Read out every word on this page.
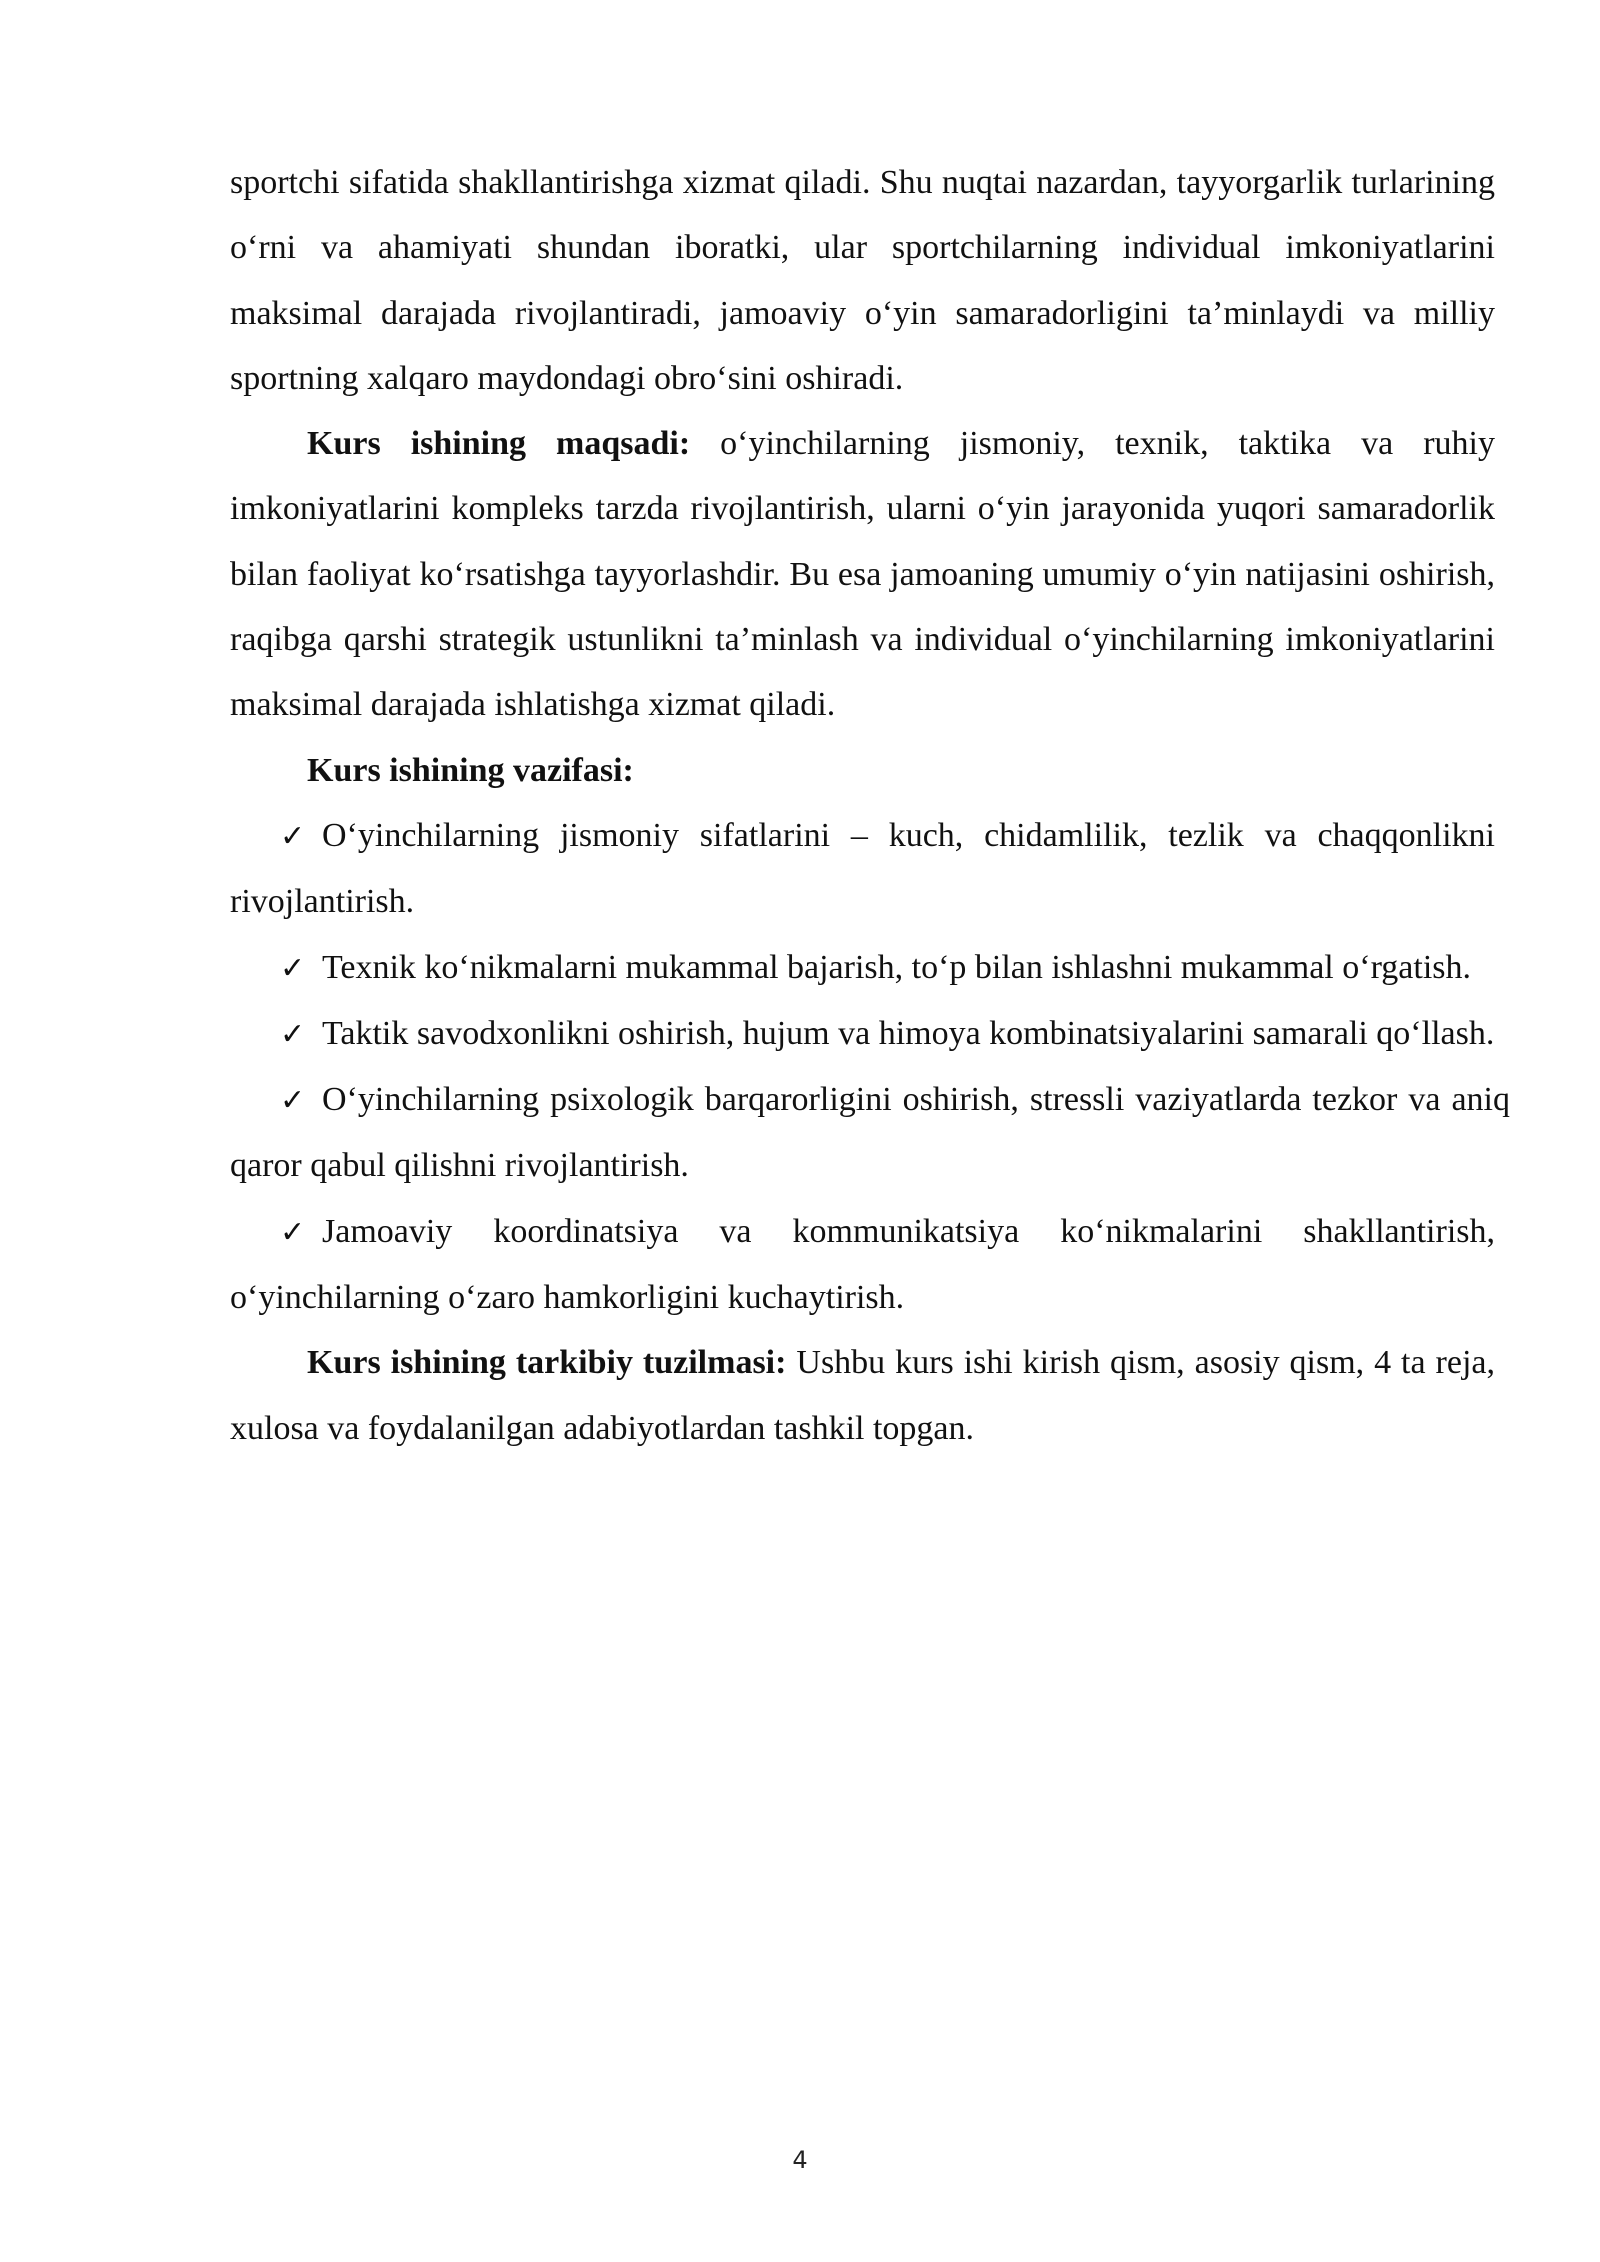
sportchi sifatida shakllantirishga xizmat qiladi. Shu nuqtai nazardan, tayyorgarlik turlarining o‘rni va ahamiyati shundan iboratki, ular sportchilarning individual imkoniyatlarini maksimal darajada rivojlantiradi, jamoaviy o‘yin samaradorligini ta’minlaydi va milliy sportning xalqaro maydondagi obro‘sini oshiradi.

Kurs ishining maqsadi: o‘yinchilarning jismoniy, texnik, taktika va ruhiy imkoniyatlarini kompleks tarzda rivojlantirish, ularni o‘yin jarayonida yuqori samaradorlik bilan faoliyat ko‘rsatishga tayyorlashdir. Bu esa jamoaning umumiy o‘yin natijasini oshirish, raqibga qarshi strategik ustunlikni ta’minlash va individual o‘yinchilarning imkoniyatlarini maksimal darajada ishlatishga xizmat qiladi.

Kurs ishining vazifasi:

✓ O‘yinchilarning jismoniy sifatlarini – kuch, chidamlilik, tezlik va chaqqonlikni rivojlantirish.

✓ Texnik ko‘nikmalarni mukammal bajarish, to‘p bilan ishlashni mukammal o‘rgatish.

✓ Taktik savodxonlikni oshirish, hujum va himoya kombinatsiyalarini samarali qo‘llash.

✓ O‘yinchilarning psixologik barqarorligini oshirish, stressli vaziyatlarda tezkor va aniq qaror qabul qilishni rivojlantirish.

✓ Jamoaviy koordinatsiya va kommunikatsiya ko‘nikmalarini shakllantirish, o‘yinchilarning o‘zaro hamkorligini kuchaytirish.

Kurs ishining tarkibiy tuzilmasi: Ushbu kurs ishi kirish qism, asosiy qism, 4 ta reja, xulosa va foydalanilgan adabiyotlardan tashkil topgan.

4
